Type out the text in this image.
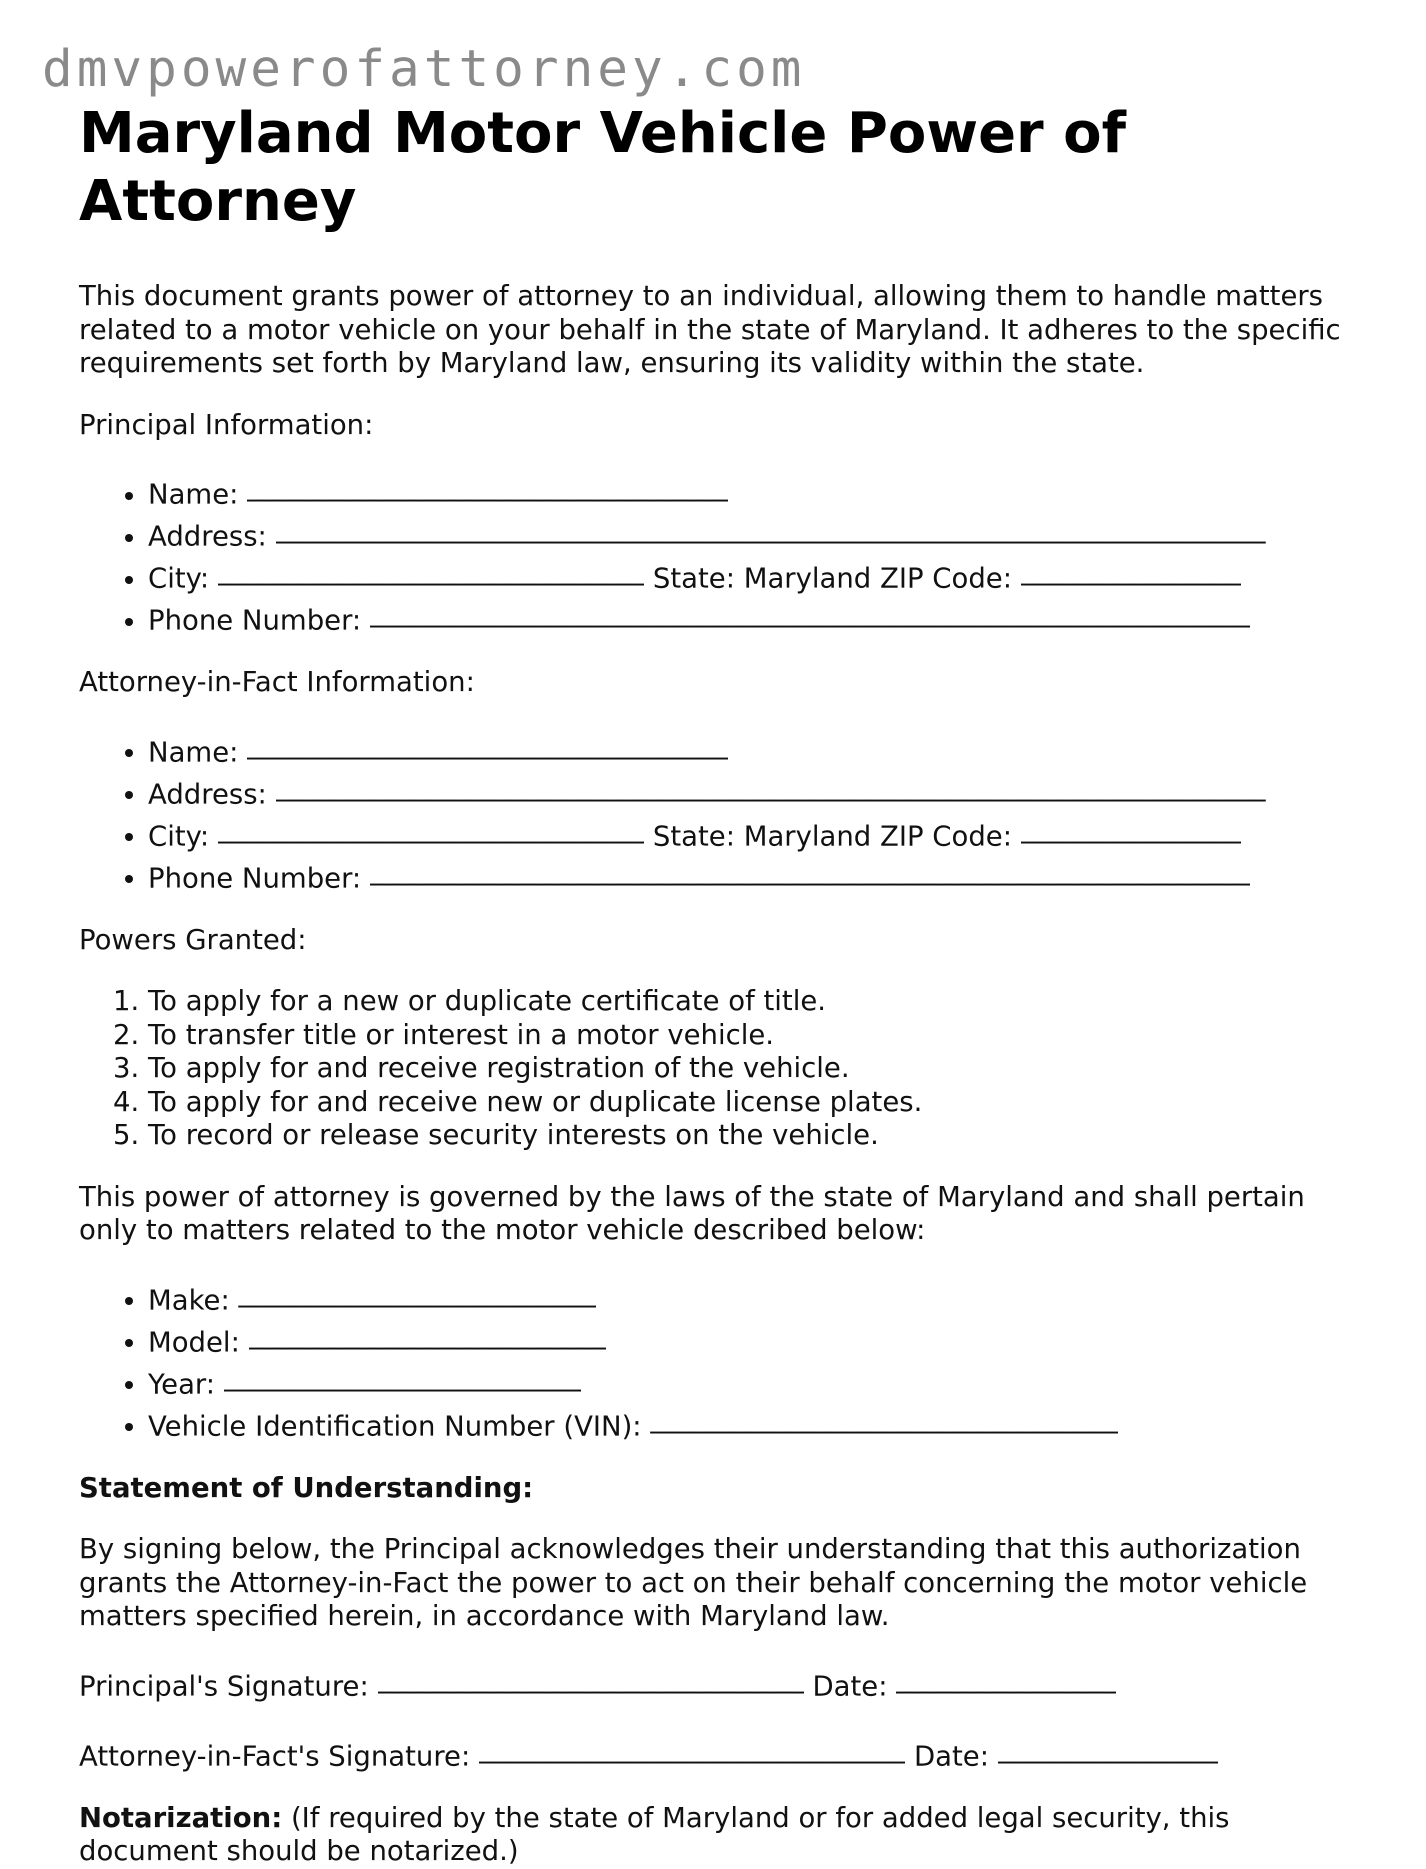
dmvpowerofattorney.com
Maryland Motor Vehicle Power of Attorney

This document grants power of attorney to an individual, allowing them to handle matters related to a motor vehicle on your behalf in the state of Maryland. It adheres to the specific requirements set forth by Maryland law, ensuring its validity within the state.

Principal Information:

• Name: ___________________________________
• Address: ________________________________________________________________________
• City: _______________________________ State: Maryland ZIP Code: ________________
• Phone Number: ________________________________________________________________

Attorney-in-Fact Information:

• Name: ___________________________________
• Address: ________________________________________________________________________
• City: _______________________________ State: Maryland ZIP Code: ________________
• Phone Number: ________________________________________________________________

Powers Granted:

1. To apply for a new or duplicate certificate of title.
2. To transfer title or interest in a motor vehicle.
3. To apply for and receive registration of the vehicle.
4. To apply for and receive new or duplicate license plates.
5. To record or release security interests on the vehicle.

This power of attorney is governed by the laws of the state of Maryland and shall pertain only to matters related to the motor vehicle described below:

• Make: __________________________
• Model: __________________________
• Year: __________________________
• Vehicle Identification Number (VIN): __________________________________

Statement of Understanding:

By signing below, the Principal acknowledges their understanding that this authorization grants the Attorney-in-Fact the power to act on their behalf concerning the motor vehicle matters specified herein, in accordance with Maryland law.

Principal's Signature: _______________________________ Date: ________________

Attorney-in-Fact's Signature: _______________________________ Date: ________________

Notarization: (If required by the state of Maryland or for added legal security, this document should be notarized.)
